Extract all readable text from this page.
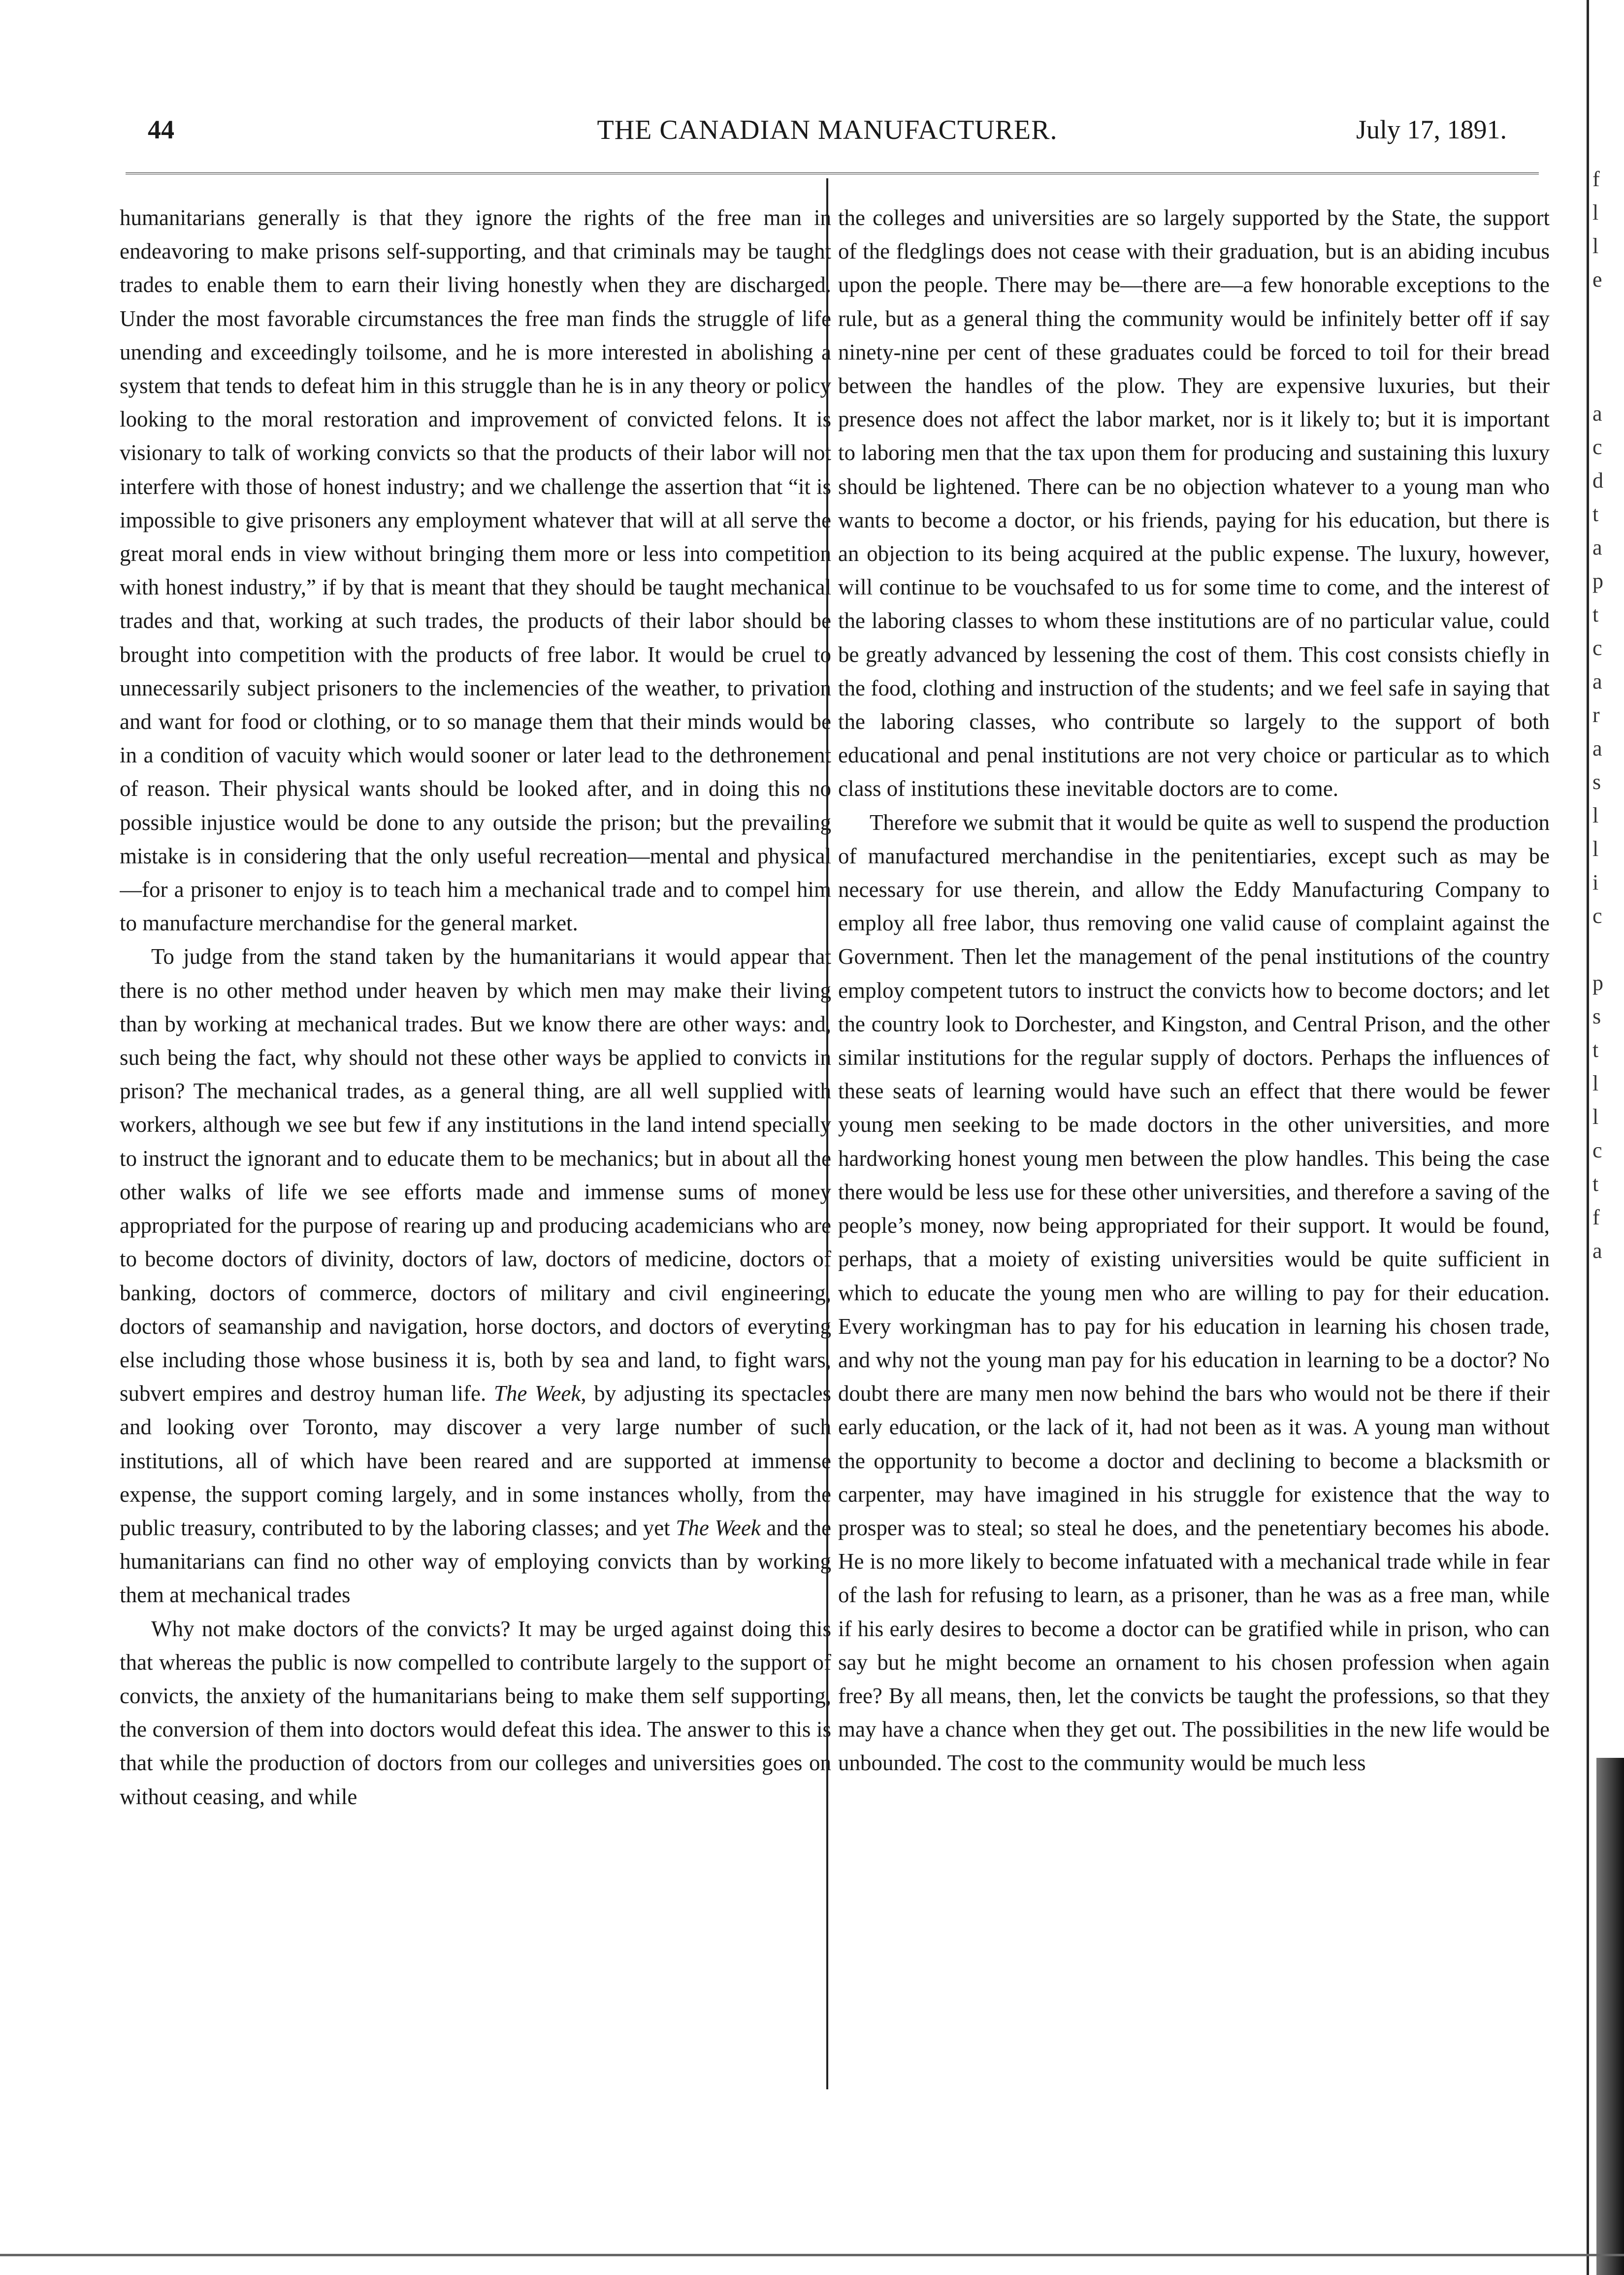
44	THE CANADIAN MANUFACTURER.	July 17, 1891.

humanitarians generally is that they ignore the rights of the free man in endeavoring to make prisons self-supporting, and that criminals may be taught trades to enable them to earn their living honestly when they are discharged. Under the most favorable circumstances the free man finds the struggle of life unending and exceedingly toilsome, and he is more interested in abolishing a system that tends to defeat him in this struggle than he is in any theory or policy looking to the moral restoration and improvement of convicted felons. It is visionary to talk of working convicts so that the products of their labor will not interfere with those of honest industry; and we challenge the assertion that “it is impossible to give prisoners any employment whatever that will at all serve the great moral ends in view without bringing them more or less into competition with honest industry,” if by that is meant that they should be taught mechanical trades and that, working at such trades, the products of their labor should be brought into competition with the products of free labor. It would be cruel to unnecessarily subject prisoners to the inclemencies of the weather, to privation and want for food or clothing, or to so manage them that their minds would be in a condition of vacuity which would sooner or later lead to the dethronement of reason. Their physical wants should be looked after, and in doing this no possible injustice would be done to any outside the prison; but the prevailing mistake is in considering that the only useful recreation—mental and physical—for a prisoner to enjoy is to teach him a mechanical trade and to compel him to manufacture merchandise for the general market.

To judge from the stand taken by the humanitarians it would appear that there is no other method under heaven by which men may make their living than by working at mechanical trades. But we know there are other ways: and, such being the fact, why should not these other ways be applied to convicts in prison? The mechanical trades, as a general thing, are all well supplied with workers, although we see but few if any institutions in the land intend specially to instruct the ignorant and to educate them to be mechanics; but in about all the other walks of life we see efforts made and immense sums of money appropriated for the purpose of rearing up and producing academicians who are to become doctors of divinity, doctors of law, doctors of medicine, doctors of banking, doctors of commerce, doctors of military and civil engineering, doctors of seamanship and navigation, horse doctors, and doctors of everyting else including those whose business it is, both by sea and land, to fight wars, subvert empires and destroy human life. The Week, by adjusting its spectacles and looking over Toronto, may discover a very large number of such institutions, all of which have been reared and are supported at immense expense, the support coming largely, and in some instances wholly, from the public treasury, contributed to by the laboring classes; and yet The Week and the humanitarians can find no other way of employing convicts than by working them at mechanical trades

Why not make doctors of the convicts? It may be urged against doing this that whereas the public is now compelled to contribute largely to the support of convicts, the anxiety of the humanitarians being to make them self supporting, the conversion of them into doctors would defeat this idea. The answer to this is that while the production of doctors from our colleges and universities goes on without ceasing, and while

the colleges and universities are so largely supported by the State, the support of the fledglings does not cease with their graduation, but is an abiding incubus upon the people. There may be—there are—a few honorable exceptions to the rule, but as a general thing the community would be infinitely better off if say ninety-nine per cent of these graduates could be forced to toil for their bread between the handles of the plow. They are expensive luxuries, but their presence does not affect the labor market, nor is it likely to; but it is important to laboring men that the tax upon them for producing and sustaining this luxury should be lightened. There can be no objection whatever to a young man who wants to become a doctor, or his friends, paying for his education, but there is an objection to its being acquired at the public expense. The luxury, however, will continue to be vouchsafed to us for some time to come, and the interest of the laboring classes to whom these institutions are of no particular value, could be greatly advanced by lessening the cost of them. This cost consists chiefly in the food, clothing and instruction of the students; and we feel safe in saying that the laboring classes, who contribute so largely to the support of both educational and penal institutions are not very choice or particular as to which class of institutions these inevitable doctors are to come.

Therefore we submit that it would be quite as well to suspend the production of manufactured merchandise in the penitentiaries, except such as may be necessary for use therein, and allow the Eddy Manufacturing Company to employ all free labor, thus removing one valid cause of complaint against the Government. Then let the management of the penal institutions of the country employ competent tutors to instruct the convicts how to become doctors; and let the country look to Dorchester, and Kingston, and Central Prison, and the other similar institutions for the regular supply of doctors. Perhaps the influences of these seats of learning would have such an effect that there would be fewer young men seeking to be made doctors in the other universities, and more hardworking honest young men between the plow handles. This being the case there would be less use for these other universities, and therefore a saving of the people’s money, now being appropriated for their support. It would be found, perhaps, that a moiety of existing universities would be quite sufficient in which to educate the young men who are willing to pay for their education. Every workingman has to pay for his education in learning his chosen trade, and why not the young man pay for his education in learning to be a doctor? No doubt there are many men now behind the bars who would not be there if their early education, or the lack of it, had not been as it was. A young man without the opportunity to become a doctor and declining to become a blacksmith or carpenter, may have imagined in his struggle for existence that the way to prosper was to steal; so steal he does, and the penetentiary becomes his abode. He is no more likely to become infatuated with a mechanical trade while in fear of the lash for refusing to learn, as a prisoner, than he was as a free man, while if his early desires to become a doctor can be gratified while in prison, who can say but he might become an ornament to his chosen profession when again free? By all means, then, let the convicts be taught the professions, so that they may have a chance when they get out. The possibilities in the new life would be unbounded. The cost to the community would be much less

f
l
l
e
a
c
d
t
a
p
t
c
a
r
a
s
l
l
i
c
p
s
t
l
l
c
t
f
a
